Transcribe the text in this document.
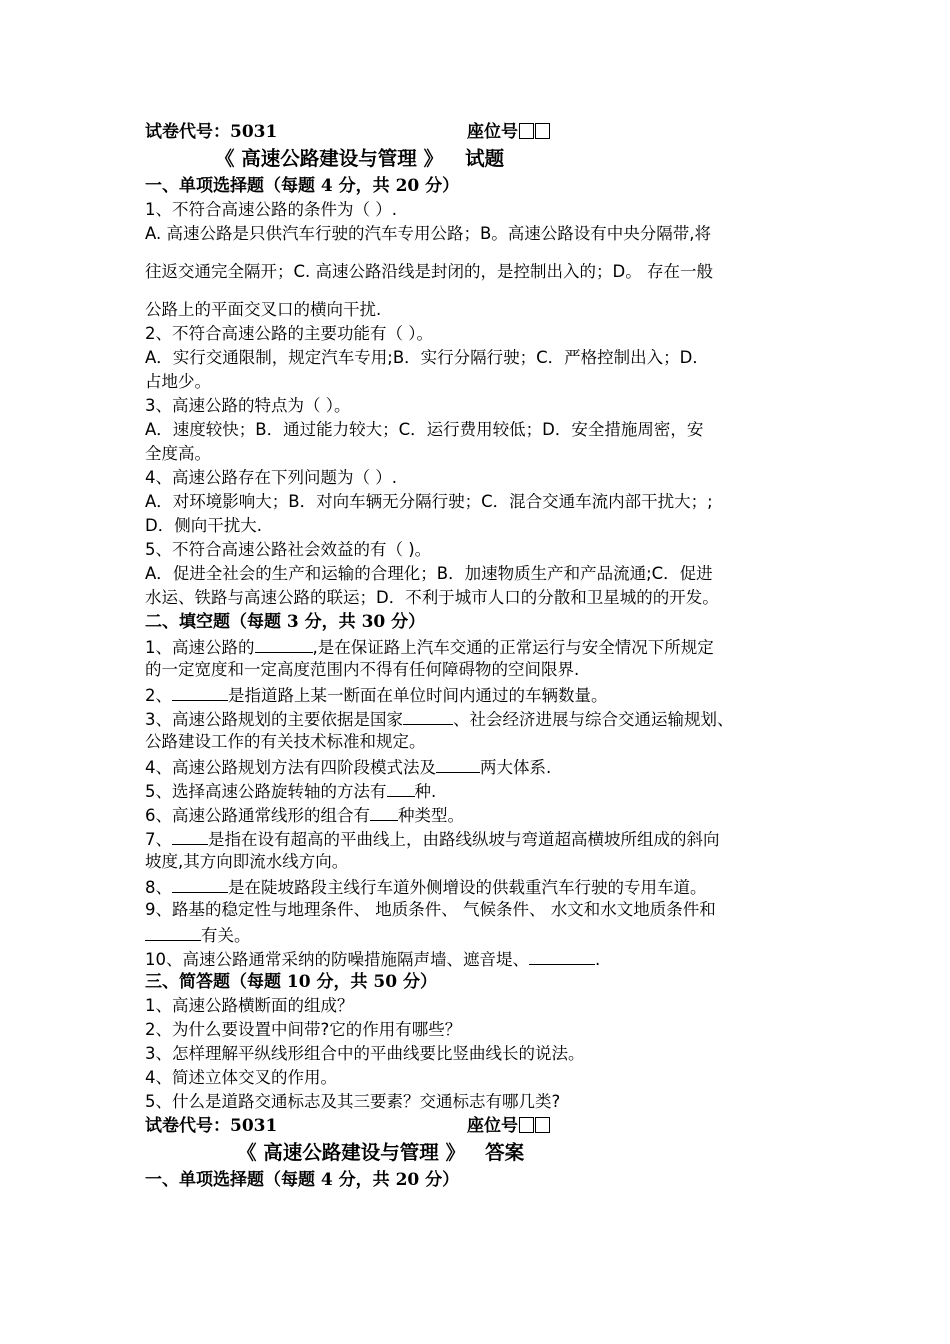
试卷代号：5031	座位号
《 高速公路建设与管理 》 试题
一、单项选择题（每题 4 分，共 20 分）
1、不符合高速公路的条件为（ ）.
A. 高速公路是只供汽车行驶的汽车专用公路；B。高速公路设有中央分隔带,将
往返交通完全隔开；C. 高速公路沿线是封闭的，是控制出入的；D。 存在一般
公路上的平面交叉口的横向干扰.
2、不符合高速公路的主要功能有（ ）。
A．实行交通限制，规定汽车专用;B．实行分隔行驶；C．严格控制出入；D．
占地少。
3、高速公路的特点为（ ）。
A．速度较快；B．通过能力较大；C．运行费用较低；D．安全措施周密，安
全度高。
4、高速公路存在下列问题为（ ）.
A．对环境影响大；B．对向车辆无分隔行驶；C．混合交通车流内部干扰大；;
D．侧向干扰大.
5、不符合高速公路社会效益的有（ )。
A．促进全社会的生产和运输的合理化；B．加速物质生产和产品流通;C．促进
水运、铁路与高速公路的联运；D．不利于城市人口的分散和卫星城的的开发。
二、填空题（每题 3 分，共 30 分）
1、高速公路的	,是在保证路上汽车交通的正常运行与安全情况下所规定
的一定宽度和一定高度范围内不得有任何障碍物的空间限界.
2、	是指道路上某一断面在单位时间内通过的车辆数量。
3、高速公路规划的主要依据是国家	、社会经济进展与综合交通运输规划、
公路建设工作的有关技术标准和规定。
4、高速公路规划方法有四阶段模式法及	两大体系.
5、选择高速公路旋转轴的方法有 种.
6、高速公路通常线形的组合有 种类型。
7、 是指在设有超高的平曲线上，由路线纵坡与弯道超高横坡所组成的斜向
坡度,其方向即流水线方向。
8、	是在陡坡路段主线行车道外侧增设的供载重汽车行驶的专用车道。
9、路基的稳定性与地理条件、 地质条件、 气候条件、 水文和水文地质条件和
有关。
10、高速公路通常采纳的防噪措施隔声墙、遮音堤、	.
三、简答题（每题 10 分，共 50 分）
1、高速公路横断面的组成？
2、为什么要设置中间带?它的作用有哪些？
3、怎样理解平纵线形组合中的平曲线要比竖曲线长的说法。
4、简述立体交叉的作用。
5、什么是道路交通标志及其三要素？交通标志有哪几类?
试卷代号：5031	座位号
《 高速公路建设与管理 》 答案
一、单项选择题（每题 4 分，共 20 分）
